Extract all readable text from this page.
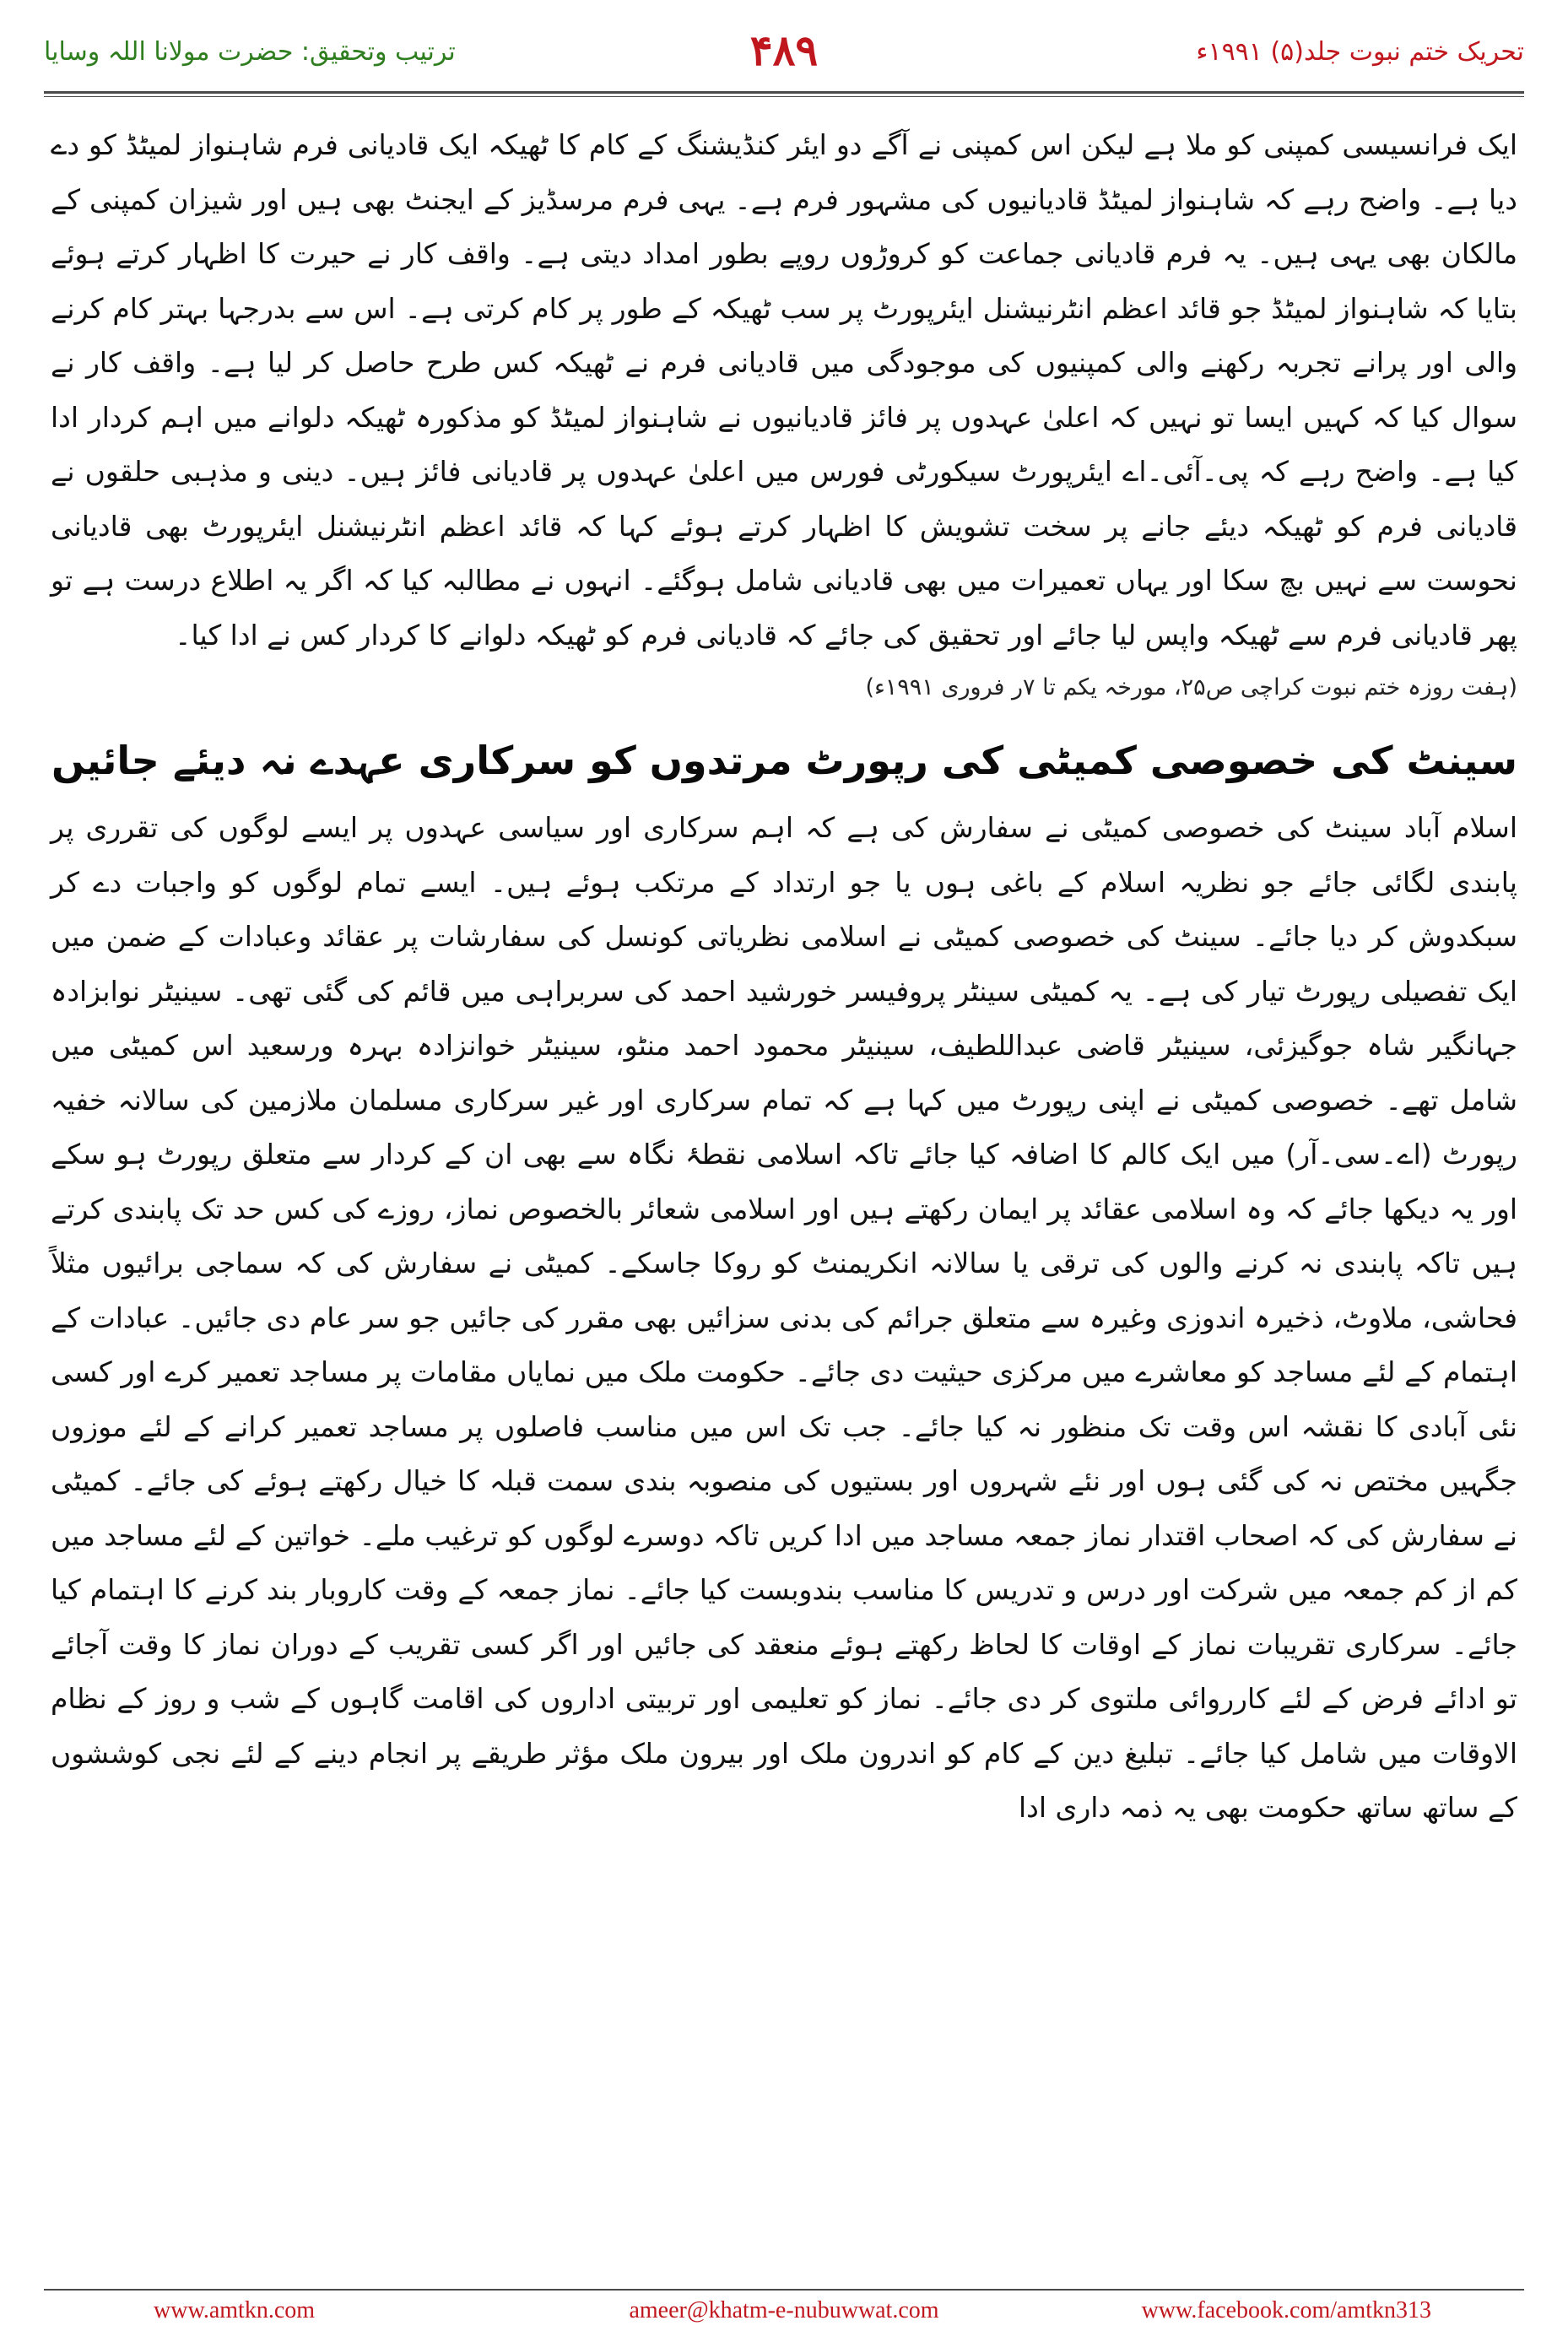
ترتیب وتحقیق: حضرت مولانا اللہ وسایا	۴۸۹	تحریک ختم نبوت جلد(۵) ۱۹۹۱ء

ایک فرانسیسی کمپنی کو ملا ہے لیکن اس کمپنی نے آگے دو ایئر کنڈیشنگ کے کام کا ٹھیکہ ایک قادیانی فرم شاہنواز لمیٹڈ کو دے دیا ہے۔ واضح رہے کہ شاہنواز لمیٹڈ قادیانیوں کی مشہور فرم ہے۔ یہی فرم مرسڈیز کے ایجنٹ بھی ہیں اور شیزان کمپنی کے مالکان بھی یہی ہیں۔ یہ فرم قادیانی جماعت کو کروڑوں روپے بطور امداد دیتی ہے۔ واقف کار نے حیرت کا اظہار کرتے ہوئے بتایا کہ شاہنواز لمیٹڈ جو قائد اعظم انٹرنیشنل ایئرپورٹ پر سب ٹھیکہ کے طور پر کام کرتی ہے۔ اس سے بدرجہا بہتر کام کرنے والی اور پرانے تجربہ رکھنے والی کمپنیوں کی موجودگی میں قادیانی فرم نے ٹھیکہ کس طرح حاصل کر لیا ہے۔ واقف کار نے سوال کیا کہ کہیں ایسا تو نہیں کہ اعلیٰ عہدوں پر فائز قادیانیوں نے شاہنواز لمیٹڈ کو مذکورہ ٹھیکہ دلوانے میں اہم کردار ادا کیا ہے۔ واضح رہے کہ پی۔آئی۔اے ایئرپورٹ سیکورٹی فورس میں اعلیٰ عہدوں پر قادیانی فائز ہیں۔ دینی و مذہبی حلقوں نے قادیانی فرم کو ٹھیکہ دیئے جانے پر سخت تشویش کا اظہار کرتے ہوئے کہا کہ قائد اعظم انٹرنیشنل ایئرپورٹ بھی قادیانی نحوست سے نہیں بچ سکا اور یہاں تعمیرات میں بھی قادیانی شامل ہوگئے۔ انہوں نے مطالبہ کیا کہ اگر یہ اطلاع درست ہے تو پھر قادیانی فرم سے ٹھیکہ واپس لیا جائے اور تحقیق کی جائے کہ قادیانی فرم کو ٹھیکہ دلوانے کا کردار کس نے ادا کیا۔

(ہفت روزہ ختم نبوت کراچی ص۲۵، مورخہ یکم تا ۷ر فروری ۱۹۹۱ء)

سینٹ کی خصوصی کمیٹی کی رپورٹ مرتدوں کو سرکاری عہدے نہ دیئے جائیں

اسلام آباد سینٹ کی خصوصی کمیٹی نے سفارش کی ہے کہ اہم سرکاری اور سیاسی عہدوں پر ایسے لوگوں کی تقرری پر پابندی لگائی جائے جو نظریہ اسلام کے باغی ہوں یا جو ارتداد کے مرتکب ہوئے ہیں۔ ایسے تمام لوگوں کو واجبات دے کر سبکدوش کر دیا جائے۔ سینٹ کی خصوصی کمیٹی نے اسلامی نظریاتی کونسل کی سفارشات پر عقائد وعبادات کے ضمن میں ایک تفصیلی رپورٹ تیار کی ہے۔ یہ کمیٹی سینٹر پروفیسر خورشید احمد کی سربراہی میں قائم کی گئی تھی۔ سینیٹر نوابزادہ جہانگیر شاہ جوگیزئی، سینیٹر قاضی عبداللطیف، سینیٹر محمود احمد منٹو، سینیٹر خوانزادہ بہرہ ورسعید اس کمیٹی میں شامل تھے۔ خصوصی کمیٹی نے اپنی رپورٹ میں کہا ہے کہ تمام سرکاری اور غیر سرکاری مسلمان ملازمین کی سالانہ خفیہ رپورٹ (اے۔سی۔آر) میں ایک کالم کا اضافہ کیا جائے تاکہ اسلامی نقطۂ نگاہ سے بھی ان کے کردار سے متعلق رپورٹ ہو سکے اور یہ دیکھا جائے کہ وہ اسلامی عقائد پر ایمان رکھتے ہیں اور اسلامی شعائر بالخصوص نماز، روزے کی کس حد تک پابندی کرتے ہیں تاکہ پابندی نہ کرنے والوں کی ترقی یا سالانہ انکریمنٹ کو روکا جاسکے۔ کمیٹی نے سفارش کی کہ سماجی برائیوں مثلاً فحاشی، ملاوٹ، ذخیرہ اندوزی وغیرہ سے متعلق جرائم کی بدنی سزائیں بھی مقرر کی جائیں جو سر عام دی جائیں۔ عبادات کے اہتمام کے لئے مساجد کو معاشرے میں مرکزی حیثیت دی جائے۔ حکومت ملک میں نمایاں مقامات پر مساجد تعمیر کرے اور کسی نئی آبادی کا نقشہ اس وقت تک منظور نہ کیا جائے۔ جب تک اس میں مناسب فاصلوں پر مساجد تعمیر کرانے کے لئے موزوں جگہیں مختص نہ کی گئی ہوں اور نئے شہروں اور بستیوں کی منصوبہ بندی سمت قبلہ کا خیال رکھتے ہوئے کی جائے۔ کمیٹی نے سفارش کی کہ اصحاب اقتدار نماز جمعہ مساجد میں ادا کریں تاکہ دوسرے لوگوں کو ترغیب ملے۔ خواتین کے لئے مساجد میں کم از کم جمعہ میں شرکت اور درس و تدریس کا مناسب بندوبست کیا جائے۔ نماز جمعہ کے وقت کاروبار بند کرنے کا اہتمام کیا جائے۔ سرکاری تقریبات نماز کے اوقات کا لحاظ رکھتے ہوئے منعقد کی جائیں اور اگر کسی تقریب کے دوران نماز کا وقت آجائے تو ادائے فرض کے لئے کارروائی ملتوی کر دی جائے۔ نماز کو تعلیمی اور تربیتی اداروں کی اقامت گاہوں کے شب و روز کے نظام الاوقات میں شامل کیا جائے۔ تبلیغ دین کے کام کو اندرون ملک اور بیرون ملک مؤثر طریقے پر انجام دینے کے لئے نجی کوششوں کے ساتھ ساتھ حکومت بھی یہ ذمہ داری ادا

www.amtkn.com	ameer@khatm-e-nubuwwat.com	www.facebook.com/amtkn313
